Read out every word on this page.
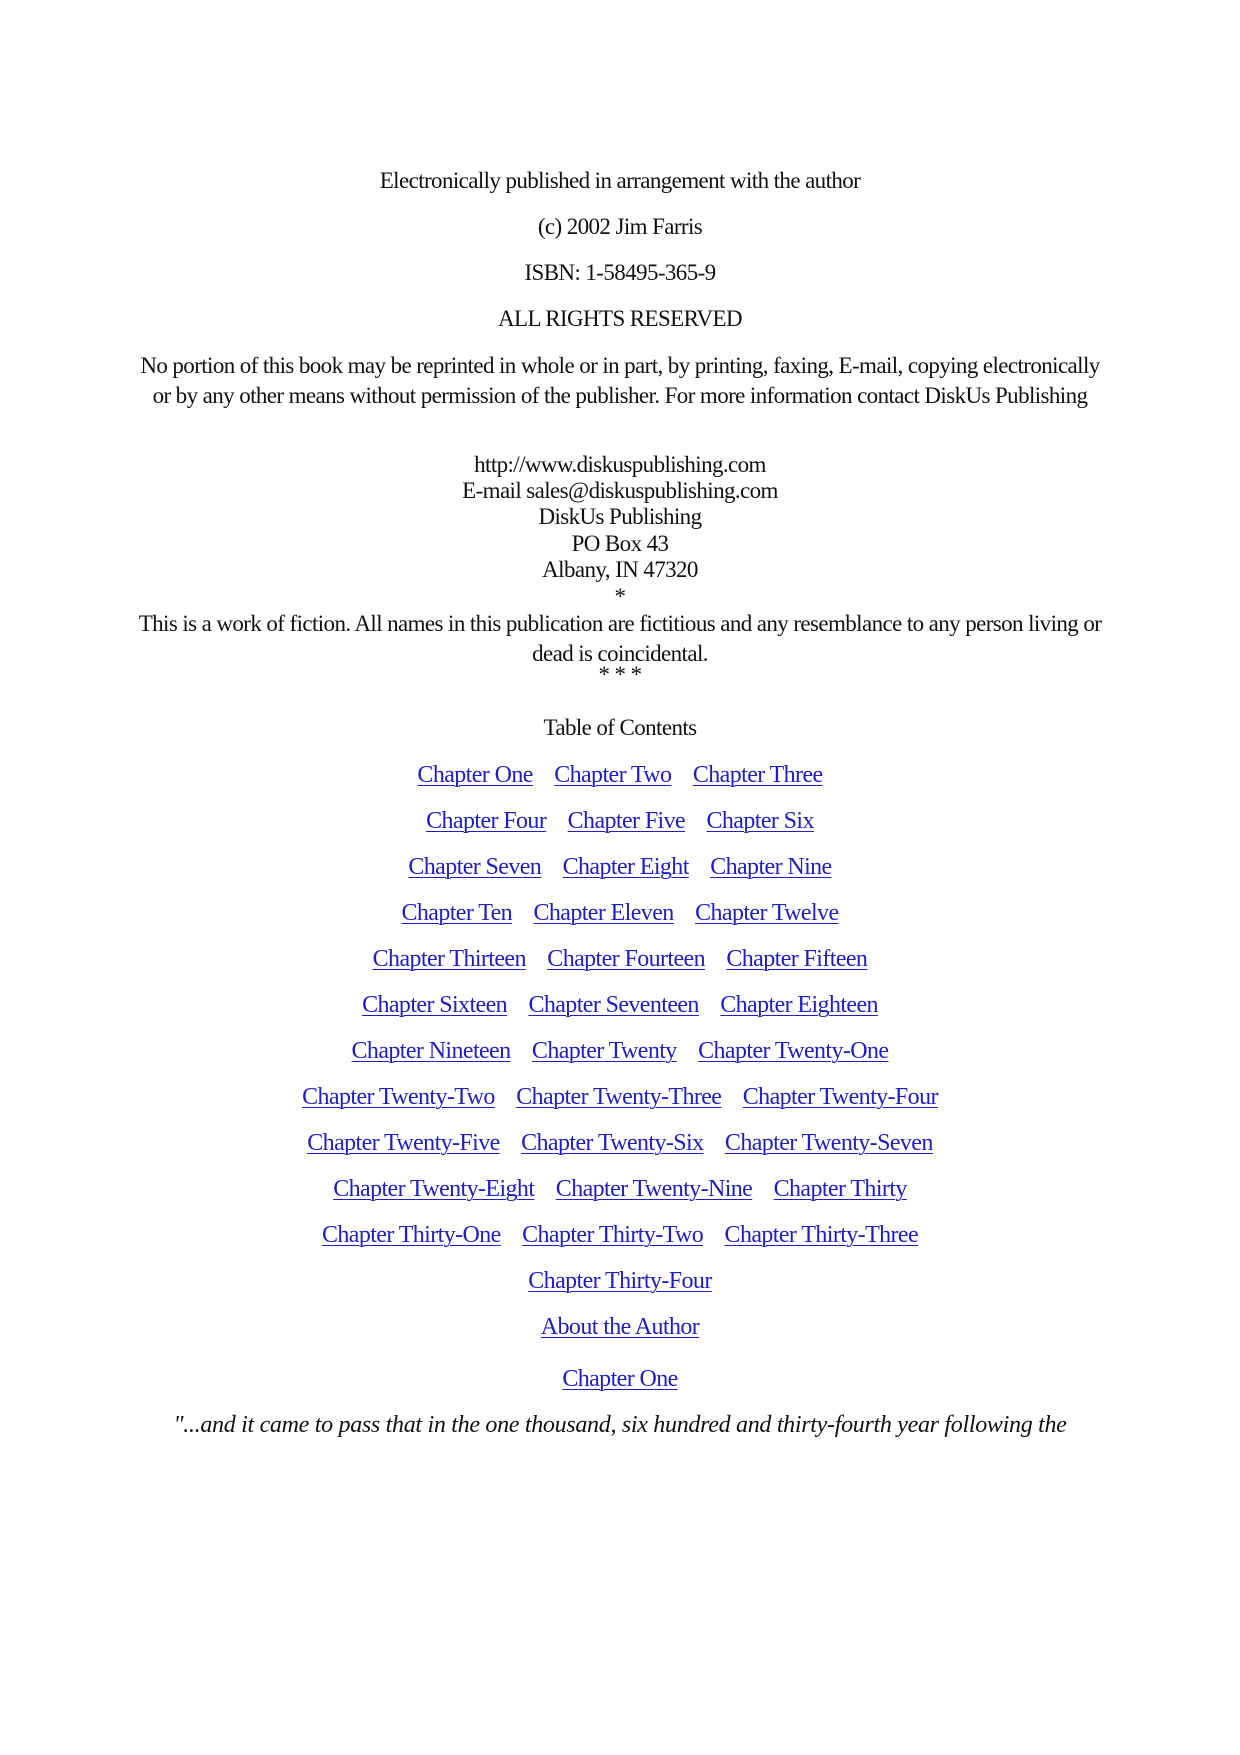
Electronically published in arrangement with the author
(c) 2002 Jim Farris
ISBN: 1-58495-365-9
ALL RIGHTS RESERVED
No portion of this book may be reprinted in whole or in part, by printing, faxing, E-mail, copying electronically or by any other means without permission of the publisher. For more information contact DiskUs Publishing
http://www.diskuspublishing.com
E-mail sales@diskuspublishing.com
DiskUs Publishing
PO Box 43
Albany, IN 47320
*
This is a work of fiction. All names in this publication are fictitious and any resemblance to any person living or dead is coincidental.
* * *
Table of Contents
Chapter One Chapter Two Chapter Three
Chapter Four Chapter Five Chapter Six
Chapter Seven Chapter Eight Chapter Nine
Chapter Ten Chapter Eleven Chapter Twelve
Chapter Thirteen Chapter Fourteen Chapter Fifteen
Chapter Sixteen Chapter Seventeen Chapter Eighteen
Chapter Nineteen Chapter Twenty Chapter Twenty-One
Chapter Twenty-Two Chapter Twenty-Three Chapter Twenty-Four
Chapter Twenty-Five Chapter Twenty-Six Chapter Twenty-Seven
Chapter Twenty-Eight Chapter Twenty-Nine Chapter Thirty
Chapter Thirty-One Chapter Thirty-Two Chapter Thirty-Three
Chapter Thirty-Four
About the Author
Chapter One
"...and it came to pass that in the one thousand, six hundred and thirty-fourth year following the
